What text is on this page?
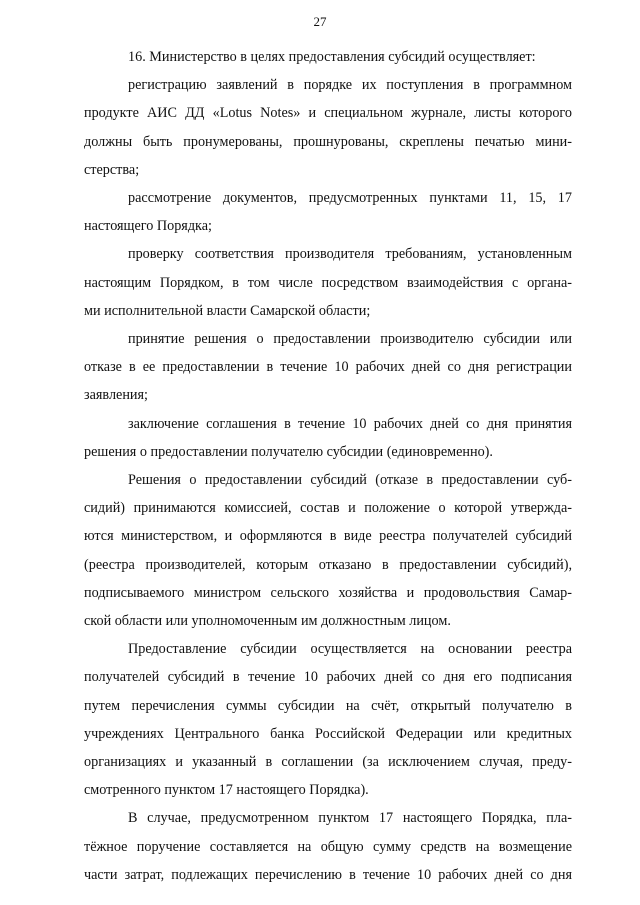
27
16. Министерство в целях предоставления субсидий осуществляет:
регистрацию заявлений в порядке их поступления в программном
продукте АИС ДД «Lotus Notes» и специальном журнале, листы которого
должны быть пронумерованы, прошнурованы, скреплены печатью мини-
стерства;
рассмотрение документов, предусмотренных пунктами 11, 15, 17
настоящего Порядка;
проверку соответствия производителя требованиям, установленным
настоящим Порядком, в том числе посредством взаимодействия с органа-
ми исполнительной власти Самарской области;
принятие решения о предоставлении производителю субсидии или
отказе в ее предоставлении в течение 10 рабочих дней со дня регистрации
заявления;
заключение соглашения в течение 10 рабочих дней со дня принятия
решения о предоставлении получателю субсидии (единовременно).
Решения о предоставлении субсидий (отказе в предоставлении суб-
сидий) принимаются комиссией, состав и положение о которой утвержда-
ются министерством, и оформляются в виде реестра получателей субсидий
(реестра производителей, которым отказано в предоставлении субсидий),
подписываемого министром сельского хозяйства и продовольствия Самар-
ской области или уполномоченным им должностным лицом.
Предоставление субсидии осуществляется на основании реестра
получателей субсидий в течение 10 рабочих дней со дня его подписания
путем перечисления суммы субсидии на счёт, открытый получателю в
учреждениях Центрального банка Российской Федерации или кредитных
организациях и указанный в соглашении (за исключением случая, преду-
смотренного пунктом 17 настоящего Порядка).
В случае, предусмотренном пунктом 17 настоящего Порядка, пла-
тёжное поручение составляется на общую сумму средств на возмещение
части затрат, подлежащих перечислению в течение 10 рабочих дней со дня
